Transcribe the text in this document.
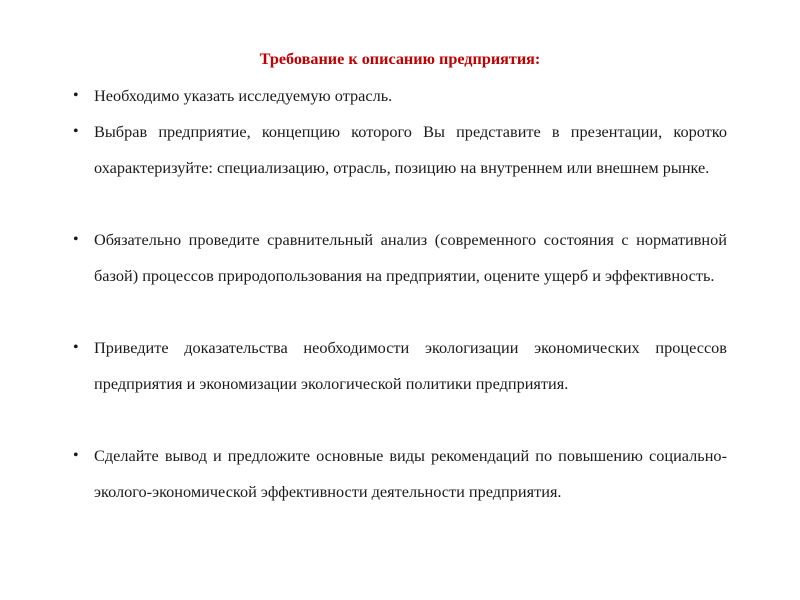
Требование к описанию предприятия:
• Необходимо указать исследуемую отрасль.
• Выбрав предприятие, концепцию которого Вы представите в презентации, коротко охарактеризуйте: специализацию, отрасль, позицию на внутреннем или внешнем рынке.
• Обязательно проведите сравнительный анализ (современного состояния с нормативной базой) процессов природопользования на предприятии, оцените ущерб и эффективность.
• Приведите доказательства необходимости экологизации экономических процессов предприятия и экономизации экологической политики предприятия.
• Сделайте вывод и предложите основные виды рекомендаций по повышению социально-эколого-экономической эффективности деятельности предприятия.
